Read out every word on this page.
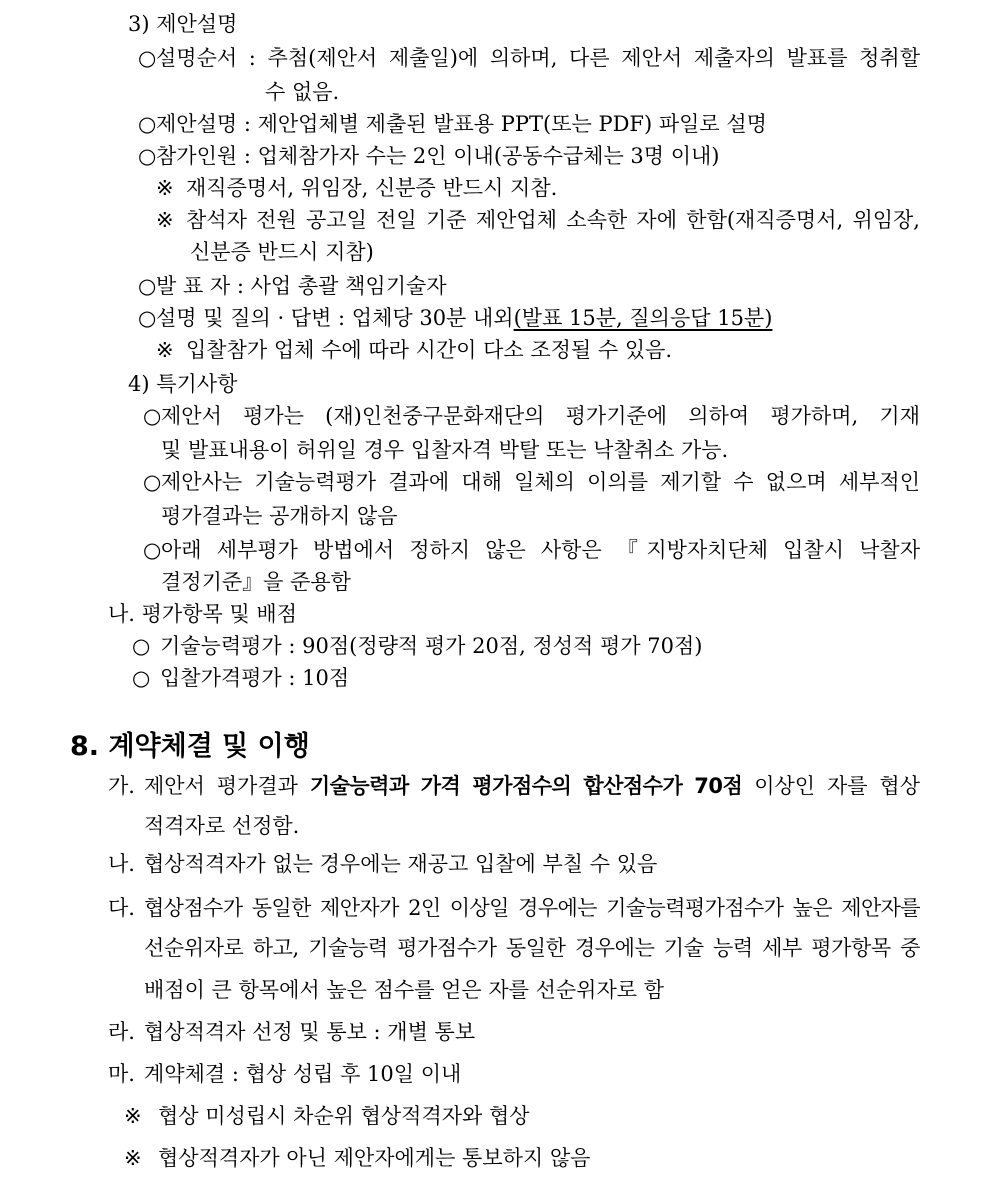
3) 제안설명
○ 설명순서 : 추첨(제안서 제출일)에 의하며, 다른 제안서 제출자의 발표를 청취할
수 없음.
○ 제안설명 : 제안업체별 제출된 발표용 PPT(또는 PDF) 파일로 설명
○ 참가인원 : 업체참가자 수는 2인 이내(공동수급체는 3명 이내)
※ 재직증명서, 위임장, 신분증 반드시 지참.
※ 참석자 전원 공고일 전일 기준 제안업체 소속한 자에 한함(재직증명서, 위임장,
신분증 반드시 지참)
○ 발 표 자 : 사업 총괄 책임기술자
○ 설명 및 질의 · 답변 : 업체당 30분 내외(발표 15분, 질의응답 15분)
※ 입찰참가 업체 수에 따라 시간이 다소 조정될 수 있음.
4) 특기사항
○ 제안서 평가는 (재)인천중구문화재단의 평가기준에 의하여 평가하며, 기재
및 발표내용이 허위일 경우 입찰자격 박탈 또는 낙찰취소 가능.
○ 제안사는 기술능력평가 결과에 대해 일체의 이의를 제기할 수 없으며 세부적인
평가결과는 공개하지 않음
○ 아래 세부평가 방법에서 정하지 않은 사항은 『지방자치단체 입찰시 낙찰자
결정기준』을 준용함
나. 평가항목 및 배점
○ 기술능력평가 : 90점(정량적 평가 20점, 정성적 평가 70점)
○ 입찰가격평가 : 10점
8. 계약체결 및 이행
가. 제안서 평가결과 기술능력과 가격 평가점수의 합산점수가 70점 이상인 자를 협상
적격자로 선정함.
나. 협상적격자가 없는 경우에는 재공고 입찰에 부칠 수 있음
다. 협상점수가 동일한 제안자가 2인 이상일 경우에는 기술능력평가점수가 높은 제안자를
선순위자로 하고, 기술능력 평가점수가 동일한 경우에는 기술 능력 세부 평가항목 중
배점이 큰 항목에서 높은 점수를 얻은 자를 선순위자로 함
라. 협상적격자 선정 및 통보 : 개별 통보
마. 계약체결 : 협상 성립 후 10일 이내
※ 협상 미성립시 차순위 협상적격자와 협상
※ 협상적격자가 아닌 제안자에게는 통보하지 않음
